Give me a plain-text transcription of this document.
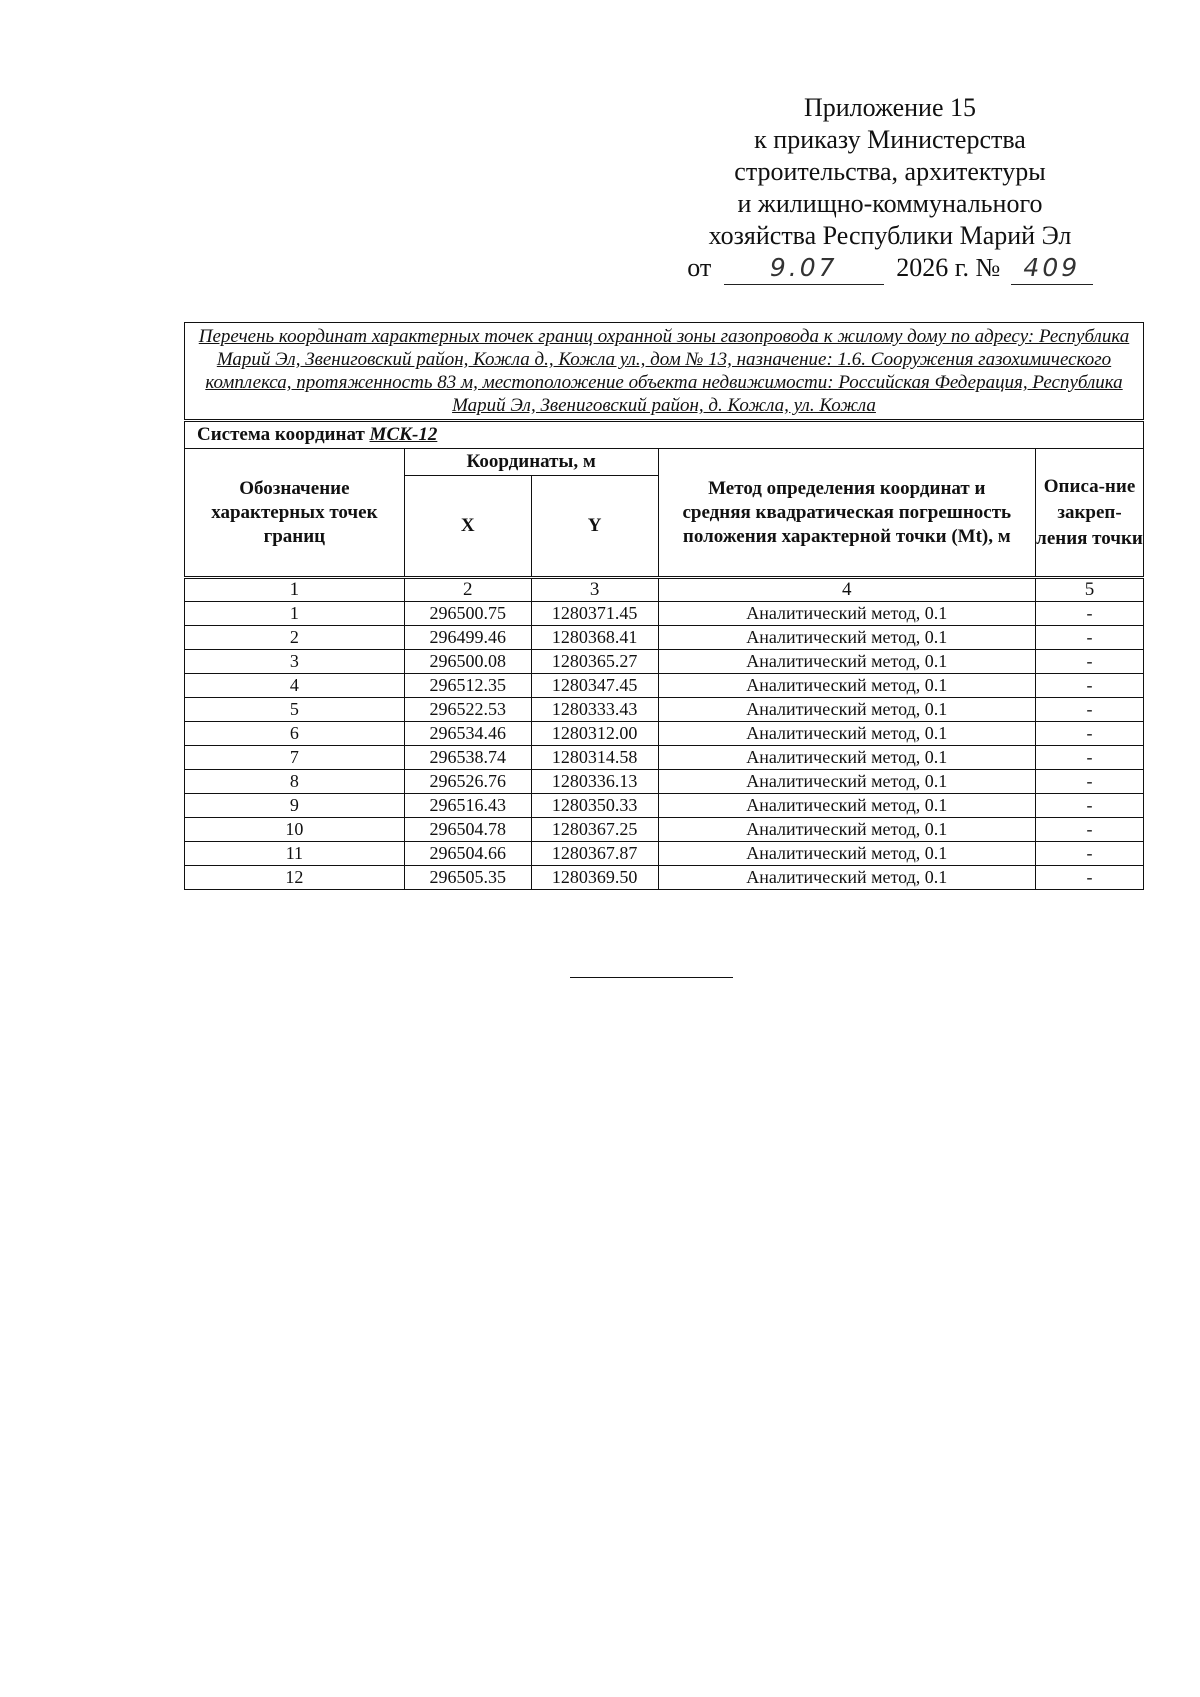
Приложение 15
к приказу Министерства
строительства, архитектуры
и жилищно-коммунального
хозяйства Республики Марий Эл
от 9.07 2026 г. № 409
Перечень координат характерных точек границ охранной зоны газопровода к жилому дому по адресу: Республика Марий Эл, Звениговский район, Кожла д., Кожла ул., дом № 13, назначение: 1.6. Сооружения газохимического комплекса, протяженность 83 м, местоположение объекта недвижимости: Российская Федерация, Республика Марий Эл, Звениговский район, д. Кожла, ул. Кожла				
Система координат МСК-12				
Обозначение характерных точек границ	Координаты, м		Метод определения координат и средняя квадратическая погрешность положения характерной точки (Mt), м	Описа-ние закреп-ления точки
	X	Y		
1	2	3	4	5
1	296500.75	1280371.45	Аналитический метод, 0.1	-
2	296499.46	1280368.41	Аналитический метод, 0.1	-
3	296500.08	1280365.27	Аналитический метод, 0.1	-
4	296512.35	1280347.45	Аналитический метод, 0.1	-
5	296522.53	1280333.43	Аналитический метод, 0.1	-
6	296534.46	1280312.00	Аналитический метод, 0.1	-
7	296538.74	1280314.58	Аналитический метод, 0.1	-
8	296526.76	1280336.13	Аналитический метод, 0.1	-
9	296516.43	1280350.33	Аналитический метод, 0.1	-
10	296504.78	1280367.25	Аналитический метод, 0.1	-
11	296504.66	1280367.87	Аналитический метод, 0.1	-
12	296505.35	1280369.50	Аналитический метод, 0.1	-
